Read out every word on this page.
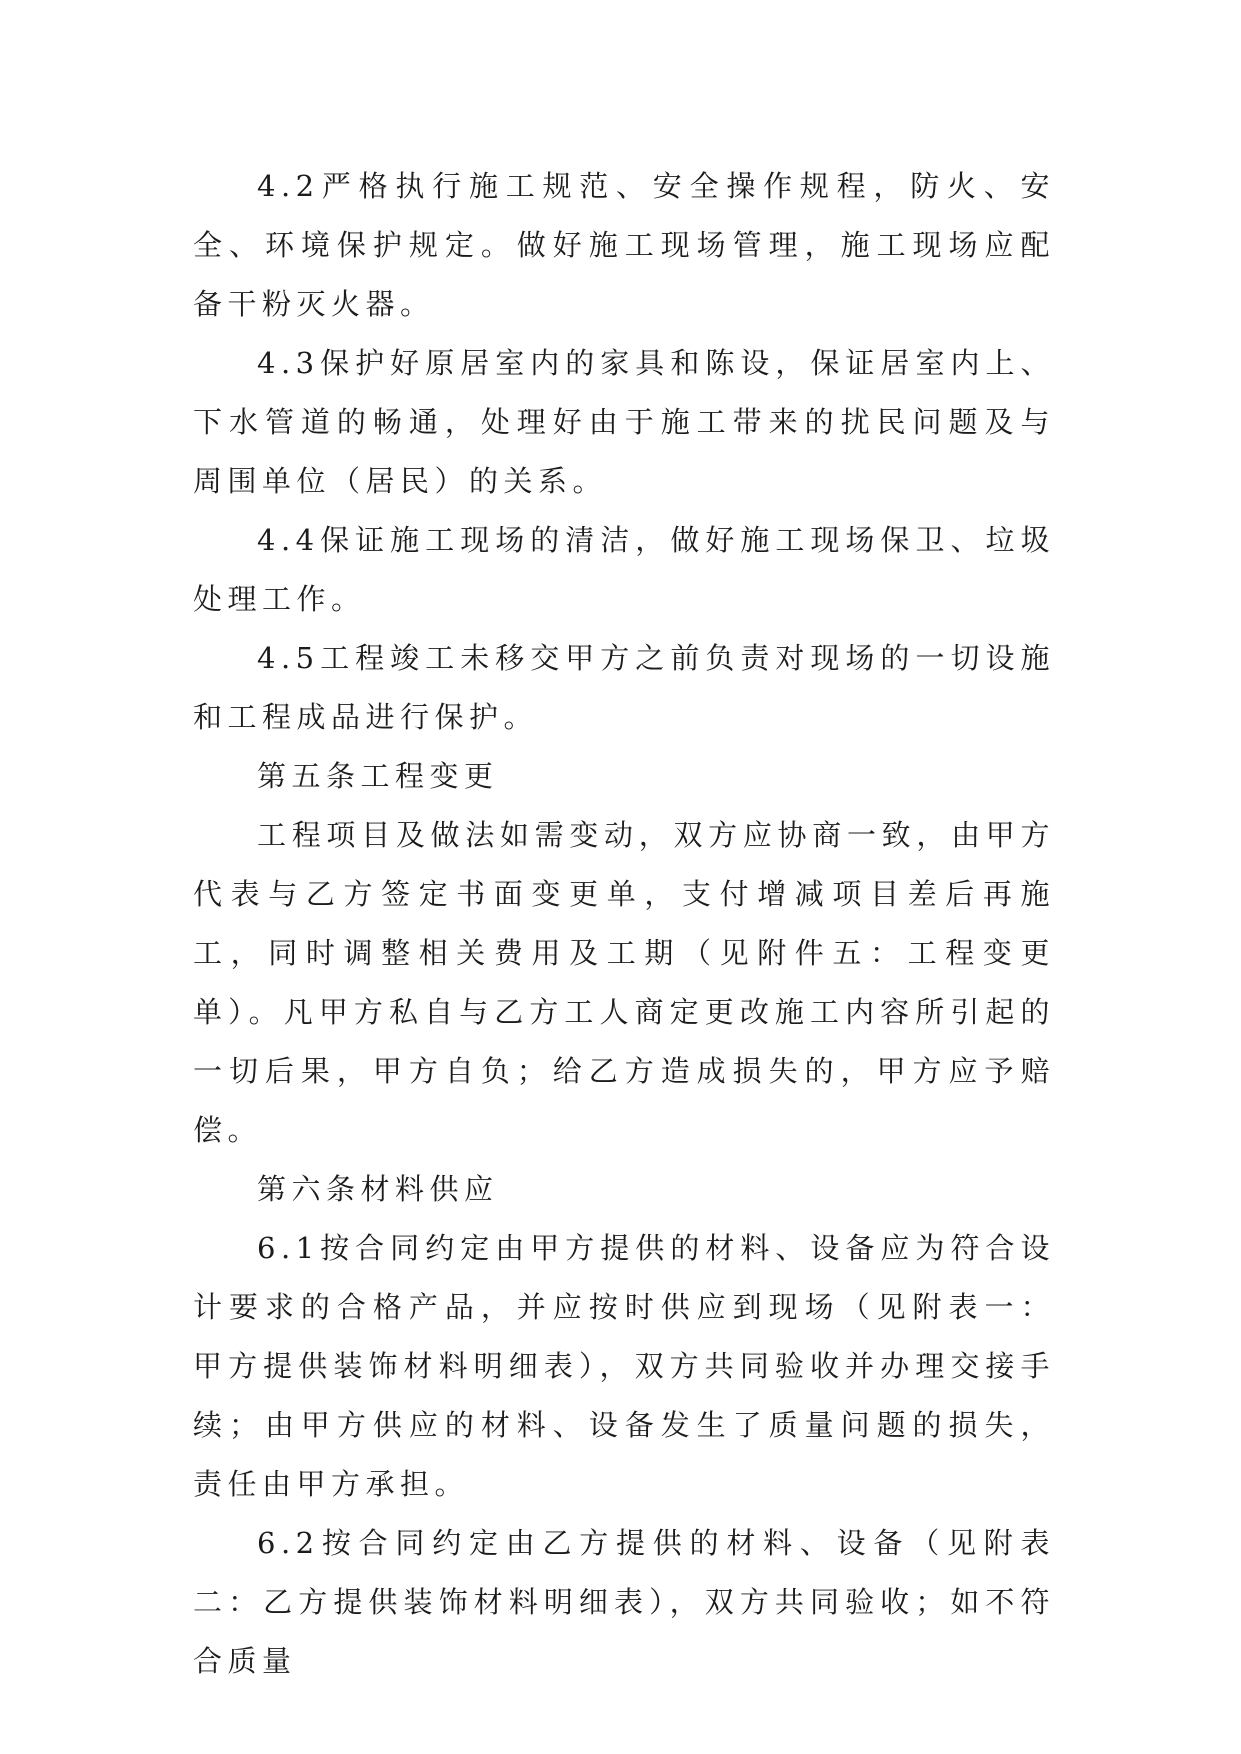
4.2严格执行施工规范、安全操作规程，防火、安全、环境保护规定。做好施工现场管理，施工现场应配备干粉灭火器。

4.3保护好原居室内的家具和陈设，保证居室内上、下水管道的畅通，处理好由于施工带来的扰民问题及与周围单位（居民）的关系。

4.4保证施工现场的清洁，做好施工现场保卫、垃圾处理工作。

4.5工程竣工未移交甲方之前负责对现场的一切设施和工程成品进行保护。

第五条工程变更

工程项目及做法如需变动，双方应协商一致，由甲方代表与乙方签定书面变更单，支付增减项目差后再施工，同时调整相关费用及工期（见附件五：工程变更单）。凡甲方私自与乙方工人商定更改施工内容所引起的一切后果，甲方自负；给乙方造成损失的，甲方应予赔偿。

第六条材料供应

6.1按合同约定由甲方提供的材料、设备应为符合设计要求的合格产品，并应按时供应到现场（见附表一：甲方提供装饰材料明细表），双方共同验收并办理交接手续；由甲方供应的材料、设备发生了质量问题的损失，责任由甲方承担。

6.2按合同约定由乙方提供的材料、设备（见附表二：乙方提供装饰材料明细表），双方共同验收；如不符合质量
